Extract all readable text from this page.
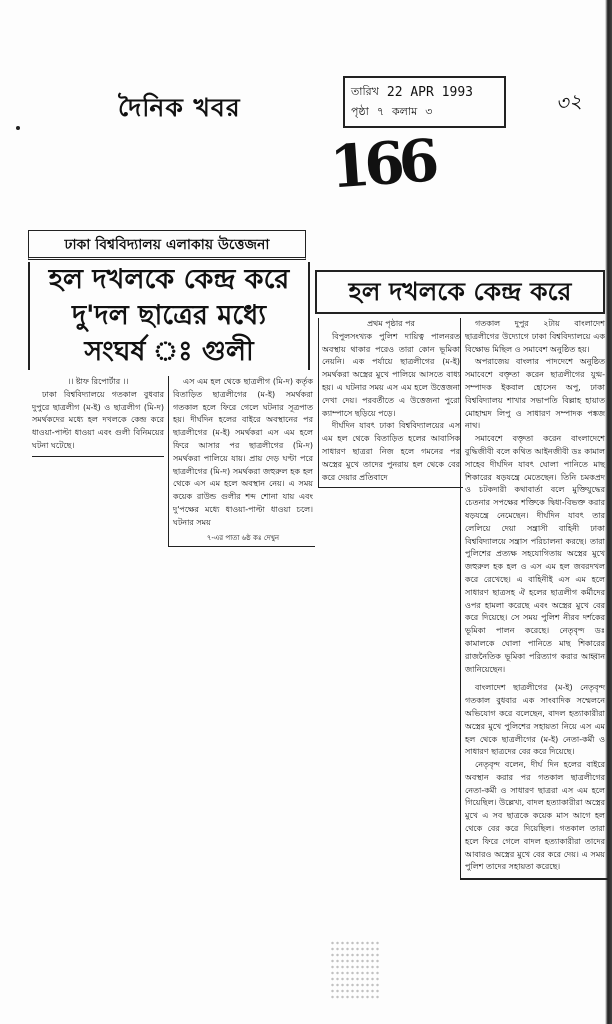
দৈনিক খবর
তারিখ 22 APR 1993
পৃষ্ঠা ৭ কলাম ৩	৩২
166
ঢাকা বিশ্ববিদ্যালয় এলাকায় উত্তেজনা
হল দখলকে কেন্দ্র করে
দু'দল ছাত্রের মধ্যে
সংঘর্ষ ঃ গুলী
।। ষ্টাফ রিপোর্টার ।।

ঢাকা বিশ্ববিদ্যালয়ে গতকাল বুধবার দুপুরে ছাত্রলীগ (ম-ই) ও ছাত্রলীগ (মি-দ) সমর্থকদের মধ্যে হল দখলকে কেন্দ্র করে ধাওয়া-পাল্টা ধাওয়া এবং গুলী বিনিময়ের ঘটনা ঘটেছে।

এস এম হল থেকে ছাত্রলীগ (মি-দ) কর্তৃক বিতাড়িত ছাত্রলীগের (ম-ই) সমর্থকরা গতকাল হলে ফিরে গেলে ঘটনার সূত্রপাত হয়। দীর্ঘদিন হলের বাইরে অবস্থানের পর ছাত্রলীগের (ম-ই) সমর্থকরা এস এম হলে ফিরে আসার পর ছাত্রলীগের (মি-দ) সমর্থকরা পালিয়ে যায়। প্রায় দেড় ঘণ্টা পরে ছাত্রলীগের (মি-দ) সমর্থকরা জহুরুল হক হল থেকে এস এম হলে অবস্থান নেয়। এ সময় কয়েক রাউন্ড গুলীর শব্দ শোনা যায় এবং দু'পক্ষের মধ্যে ধাওয়া-পাল্টা ধাওয়া চলে। ঘটনার সময়

৭-এর পাতা ৬ষ্ঠ কঃ দেখুন
হল দখলকে কেন্দ্র করে
প্রথম পৃষ্ঠার পর

বিপুলসংখ্যক পুলিশ দায়িত্ব পালনরত অবস্থায় থাকার পরেও তারা কোন ভূমিকা নেয়নি। এক পর্যায়ে ছাত্রলীগের (ম-ই) সমর্থকরা অস্ত্রের মুখে পালিয়ে আসতে বাধ্য হয়। এ ঘটনার সময় এস এম হলে উত্তেজনা দেখা দেয়। পরবর্তীতে এ উত্তেজনা পুরো ক্যাম্পাসে ছড়িয়ে পড়ে।

দীর্ঘদিন যাবৎ ঢাকা বিশ্ববিদ্যালয়ের এস এম হল থেকে বিতাড়িত হলের আবাসিক সাধারণ ছাত্ররা নিজ হলে গমনের পর অস্ত্রের মুখে তাদের পুনরায় হল থেকে বের করে দেয়ার প্রতিবাদে

গতকাল দুপুর ২টায় বাংলাদেশ ছাত্রলীগের উদ্যোগে ঢাকা বিশ্ববিদ্যালয়ে এক বিক্ষোভ মিছিল ও সমাবেশ অনুষ্ঠিত হয়।

অপরাজেয় বাংলার পাদদেশে অনুষ্ঠিত সমাবেশে বক্তৃতা করেন ছাত্রলীগের যুগ্ম-সম্পাদক ইকবাল হোসেন অপু, ঢাকা বিশ্ববিদ্যালয় শাখার সভাপতি বিল্লাহ হায়াত মোহাম্মদ লিপু ও সাধারণ সম্পাদক পঙ্কজ নাথ।

সমাবেশে বক্তৃতা করেন বাংলাদেশে বুদ্ধিজীবী বলে কথিত আইনজীবী ডঃ কামাল সাহেব দীর্ঘদিন যাবৎ ঘোলা পানিতে মাছ শিকারের ষড়যন্ত্রে মেতেছেন। তিনি চমকপ্রদ ও চটকদারী কথাবার্তা বলে মুক্তিযুদ্ধের চেতনার সপক্ষের শক্তিকে দ্বিধা-বিভক্ত করার ষড়যন্ত্রে নেমেছেন। দীর্ঘদিন যাবৎ তার লেলিয়ে দেয়া সন্ত্রাসী বাহিনী ঢাকা বিশ্ববিদ্যালয়ে সন্ত্রাস পরিচালনা করছে। তারা পুলিশের প্রত্যক্ষ সহযোগিতায় অস্ত্রের মুখে জহুরুল হক হল ও এস এম হল জবরদখল করে রেখেছে। এ বাহিনীই এস এম হলে সাধারণ ছাত্রসহ ঐ হলের ছাত্রলীগ কর্মীদের ওপর হামলা করেছে এবং অস্ত্রের মুখে বের করে দিয়েছে। সে সময় পুলিশ নীরব দর্শকের ভূমিকা পালন করেছে। নেতৃবৃন্দ ডঃ কামালকে ঘোলা পানিতে মাছ শিকারের রাজনৈতিক ভূমিকা পরিত্যাগ করার আহ্বান জানিয়েছেন।

বাংলাদেশ ছাত্রলীগের (ম-ই) নেতৃবৃন্দ গতকাল বুধবার এক সাংবাদিক সম্মেলনে অভিযোগ করে বলেছেন, বাদল হত্যাকারীরা অস্ত্রের মুখে পুলিশের সহায়তা নিয়ে এস এম হল থেকে ছাত্রলীগের (ম-ই) নেতা-কর্মী ও সাধারণ ছাত্রদের বের করে দিয়েছে।

নেতৃবৃন্দ বলেন, দীর্ঘ দিন হলের বাইরে অবস্থান করার পর গতকাল ছাত্রলীগের নেতা-কর্মী ও সাধারণ ছাত্ররা এস এম হলে গিয়েছিল। উল্লেখ্য, বাদল হত্যাকারীরা অস্ত্রের মুখে এ সব ছাত্রকে কয়েক মাস আগে হল থেকে বের করে দিয়েছিল। গতকাল তারা হলে ফিরে গেলে বাদল হত্যাকারীরা তাদের আবারও অস্ত্রের মুখে বের করে দেয়। এ সময় পুলিশ তাদের সহায়তা করেছে।
